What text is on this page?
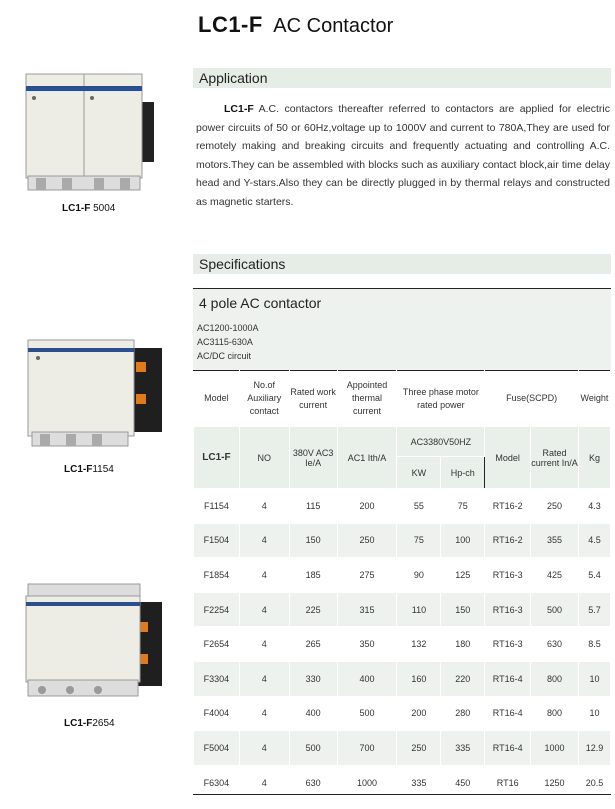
LC1-F AC Contactor
Application
LC1-F A.C. contactors thereafter referred to contactors are applied for electric power circuits of 50 or 60Hz,voltage up to 1000V and current to 780A,They are used for remotely making and breaking circuits and frequently actuating and controlling A.C. motors.They can be assembled with blocks such as auxiliary contact block,air time delay head and Y-stars.Also they can be directly plugged in by thermal relays and constructed as magnetic starters.
LC1-F 5004
LC1-F1154
LC1-F2654
Specifications
4 pole AC contactor
AC1200-1000A
AC3115-630A
AC/DC circuit
Model	No.of Auxiliary contact	Rated work current	Appointed thermal current	Three phase motor rated power		Fuse(SCPD)		Weight
LC1-F	NO	380V AC3 Ie/A	AC1 Ith/A	AC3380V50HZ		Model	Rated current In/A	Kg
				KW	Hp-ch			
F1154	4	115	200	55	75	RT16-2	250	4.3
F1504	4	150	250	75	100	RT16-2	355	4.5
F1854	4	185	275	90	125	RT16-3	425	5.4
F2254	4	225	315	110	150	RT16-3	500	5.7
F2654	4	265	350	132	180	RT16-3	630	8.5
F3304	4	330	400	160	220	RT16-4	800	10
F4004	4	400	500	200	280	RT16-4	800	10
F5004	4	500	700	250	335	RT16-4	1000	12.9
F6304	4	630	1000	335	450	RT16	1250	20.5
